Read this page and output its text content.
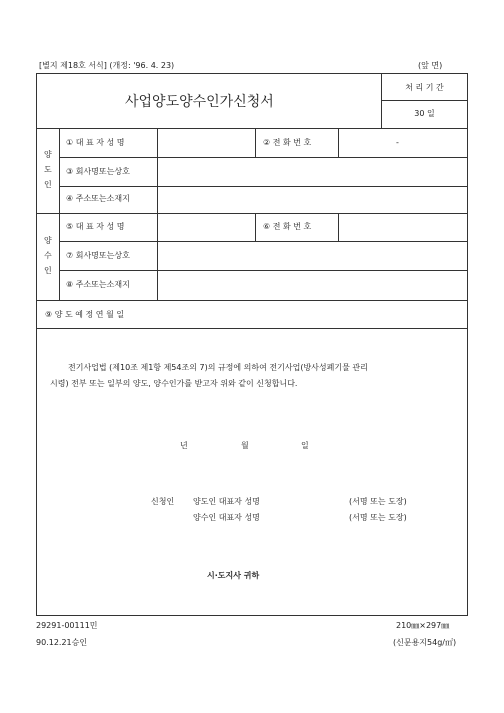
[별지 제18호 서식] (개정: '96. 4. 23)	(앞 면)
사업양도양수인가신청서
처 리 기 간
30 일
양
도
인
① 대 표 자 성 명	② 전 화 번 호	-
③ 회사명또는상호
④ 주소또는소재지
양
수
인
⑤ 대 표 자 성 명	⑥ 전 화 번 호
⑦ 회사명또는상호
⑧ 주소또는소재지
⑨ 양 도 예 정 연 월 일
전기사업법 (제10조 제1항 제54조의 7)의 규정에 의하여 전기사업(방사성폐기물 관리
시령) 전부 또는 일부의 양도, 양수인가를 받고자 위와 같이 신청합니다.
년	월	일
신청인 양도인 대표자 성명	(서명 또는 도장)
양수인 대표자 성명	(서명 또는 도장)
시·도지사 귀하
29291-00111민
90.12.21승인
210㎜×297㎜
(신문용지54g/㎡)
